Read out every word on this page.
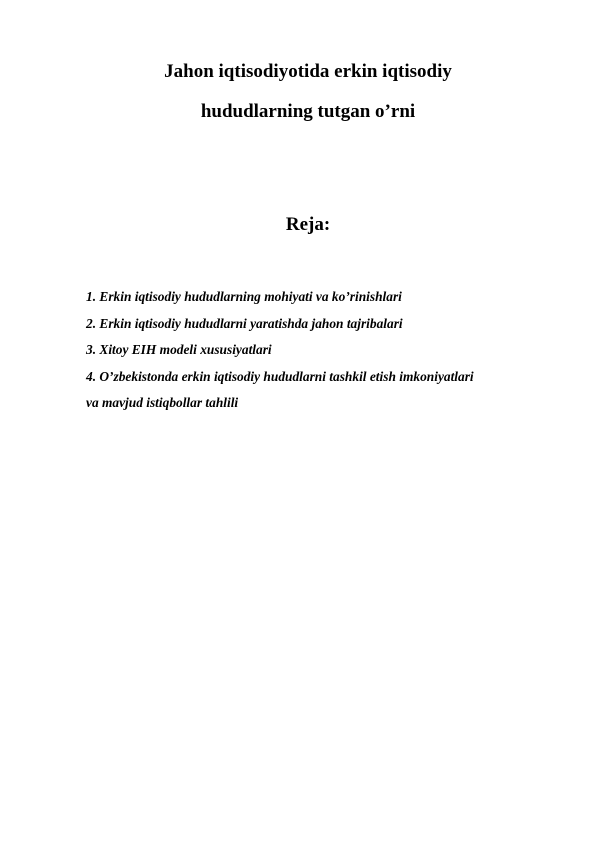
Jahon iqtisodiyotida erkin iqtisodiy
hududlarning tutgan o’rni
Reja:
1. Erkin iqtisodiy hududlarning mohiyati va ko’rinishlari
2. Erkin iqtisodiy hududlarni yaratishda jahon tajribalari
3. Xitoy EIH modeli xususiyatlari
4. O’zbekistonda erkin iqtisodiy hududlarni tashkil etish imkoniyatlari
va mavjud istiqbollar tahlili
